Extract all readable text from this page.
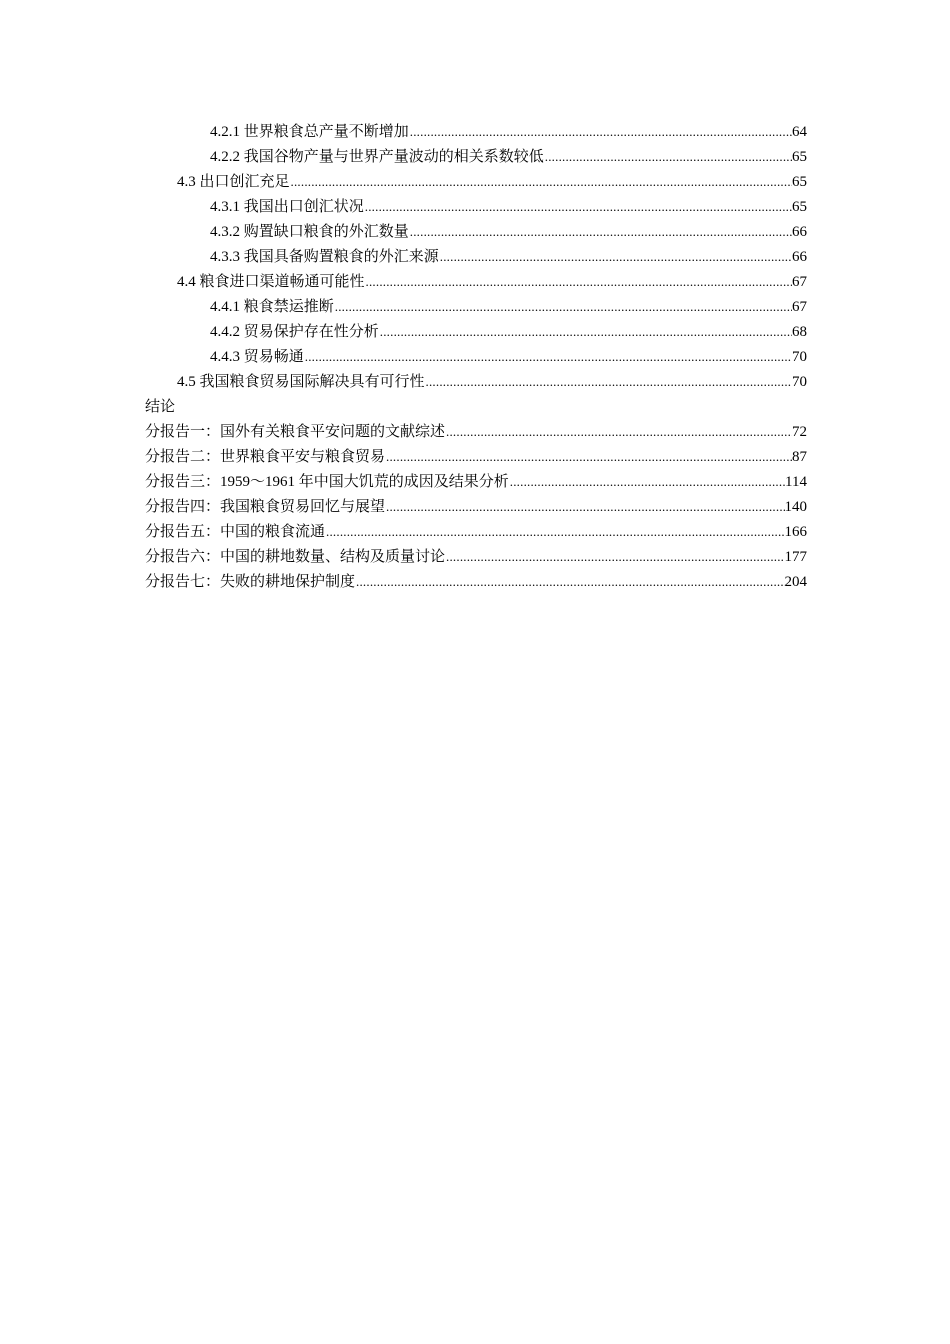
4.2.1 世界粮食总产量不断增加 .....	64
4.2.2 我国谷物产量与世界产量波动的相关系数较低 .....	65
4.3 出口创汇充足 .....	65
4.3.1 我国出口创汇状况 .....	65
4.3.2 购置缺口粮食的外汇数量 .....	66
4.3.3 我国具备购置粮食的外汇来源 .....	66
4.4 粮食进口渠道畅通可能性 .....	67
4.4.1 粮食禁运推断 .....	67
4.4.2 贸易保护存在性分析 .....	68
4.4.3 贸易畅通 .....	70
4.5 我国粮食贸易国际解决具有可行性 .....	70
结论
分报告一：国外有关粮食平安问题的文献综述 .....	72
分报告二：世界粮食平安与粮食贸易 .....	87
分报告三：1959～1961 年中国大饥荒的成因及结果分析 .....	114
分报告四：我国粮食贸易回忆与展望 .....	140
分报告五：中国的粮食流通 .....	166
分报告六：中国的耕地数量、结构及质量讨论 .....	177
分报告七：失败的耕地保护制度 .....	204
